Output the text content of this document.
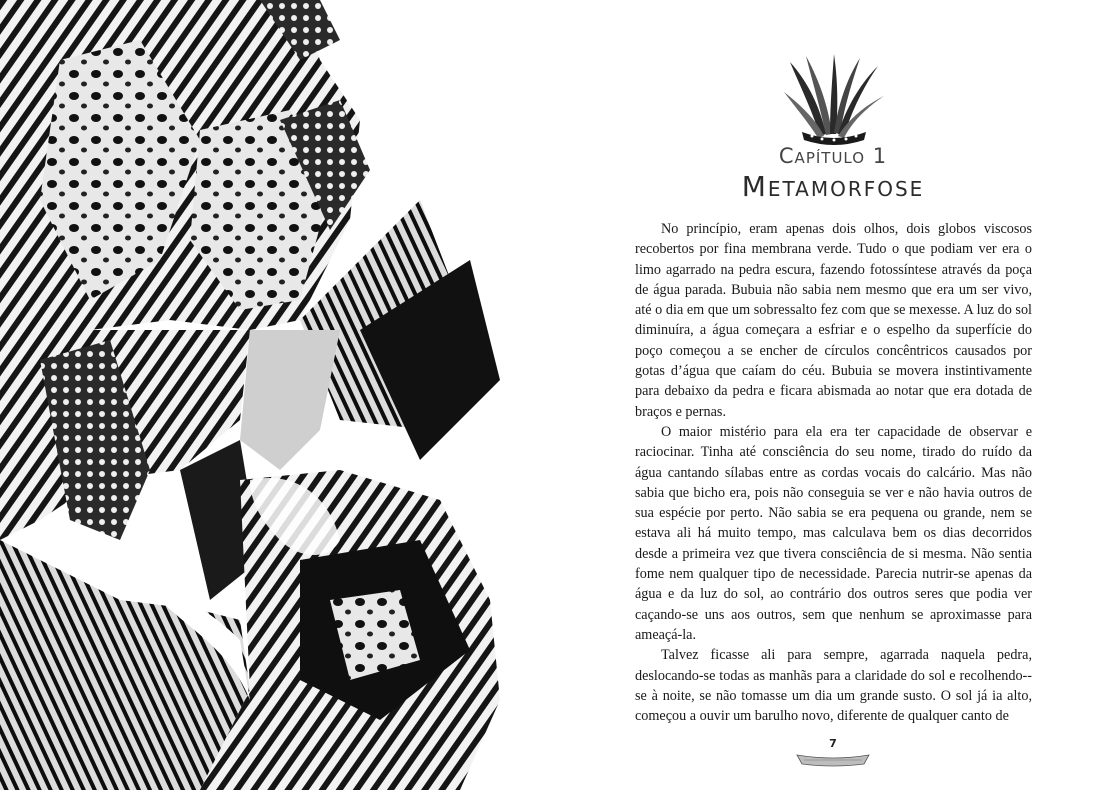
Capítulo 1
Metamorfose

No princípio, eram apenas dois olhos, dois globos viscosos recobertos por fina membrana verde. Tudo o que podiam ver era o limo agarrado na pedra escura, fazendo fotossíntese através da poça de água parada. Bubuia não sabia nem mesmo que era um ser vivo, até o dia em que um sobressalto fez com que se mexesse. A luz do sol diminuíra, a água começara a esfriar e o espelho da superfície do poço começou a se encher de círculos concêntricos causados por gotas d’água que caíam do céu. Bubuia se movera instintivamente para debaixo da pedra e ficara abismada ao notar que era dotada de braços e pernas.

O maior mistério para ela era ter capacidade de observar e raciocinar. Tinha até consciência do seu nome, tirado do ruído da água cantando sílabas entre as cordas vocais do calcário. Mas não sabia que bicho era, pois não conseguia se ver e não havia outros de sua espécie por perto. Não sabia se era pequena ou grande, nem se estava ali há muito tempo, mas calculava bem os dias decorridos desde a primeira vez que tivera consciência de si mesma. Não sentia fome nem qualquer tipo de necessidade. Parecia nutrir-se apenas da água e da luz do sol, ao contrário dos outros seres que podia ver caçando-se uns aos outros, sem que nenhum se aproximasse para ameaçá-la.

Talvez ficasse ali para sempre, agarrada naquela pedra, deslocando-se todas as manhãs para a claridade do sol e recolhendo--se à noite, se não tomasse um dia um grande susto. O sol já ia alto, começou a ouvir um barulho novo, diferente de qualquer canto de

7
